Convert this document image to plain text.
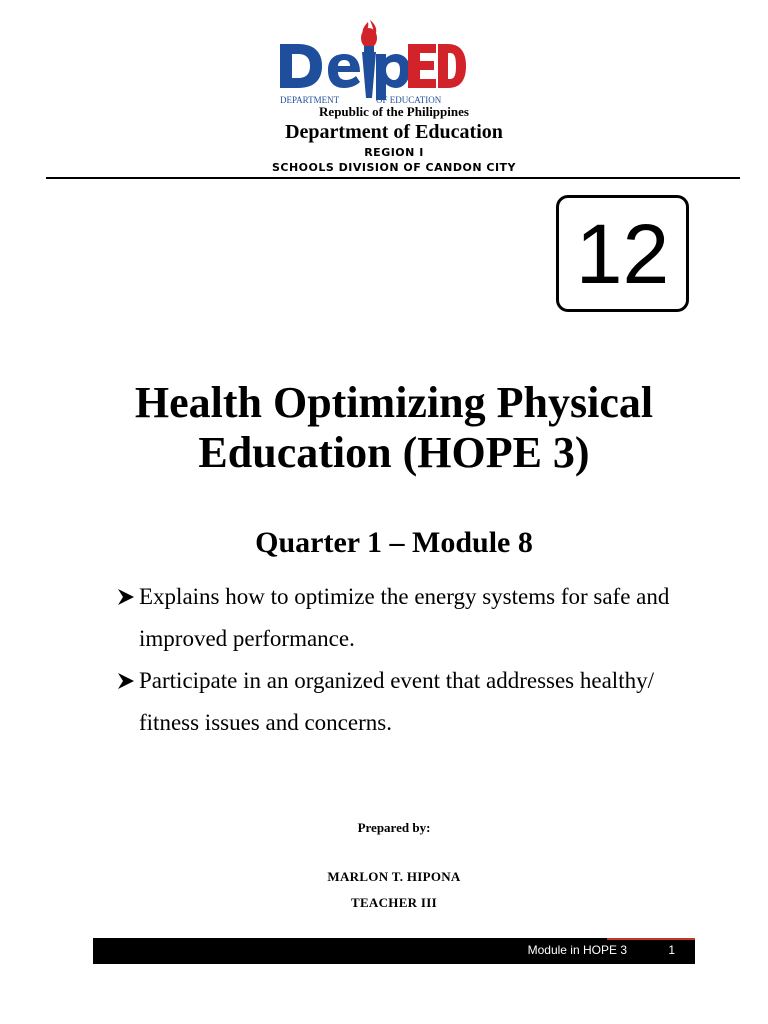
DEPARTMENT	OF EDUCATION
Republic of the Philippines
Department of Education
REGION I
SCHOOLS DIVISION OF CANDON CITY
12
Health Optimizing Physical
Education (HOPE 3)
Quarter 1 – Module 8
Explains how to optimize the energy systems for safe and improved performance.
Participate in an organized event that addresses healthy/ fitness issues and concerns.
Prepared by:
MARLON T. HIPONA
TEACHER III
Module in HOPE 3	1
